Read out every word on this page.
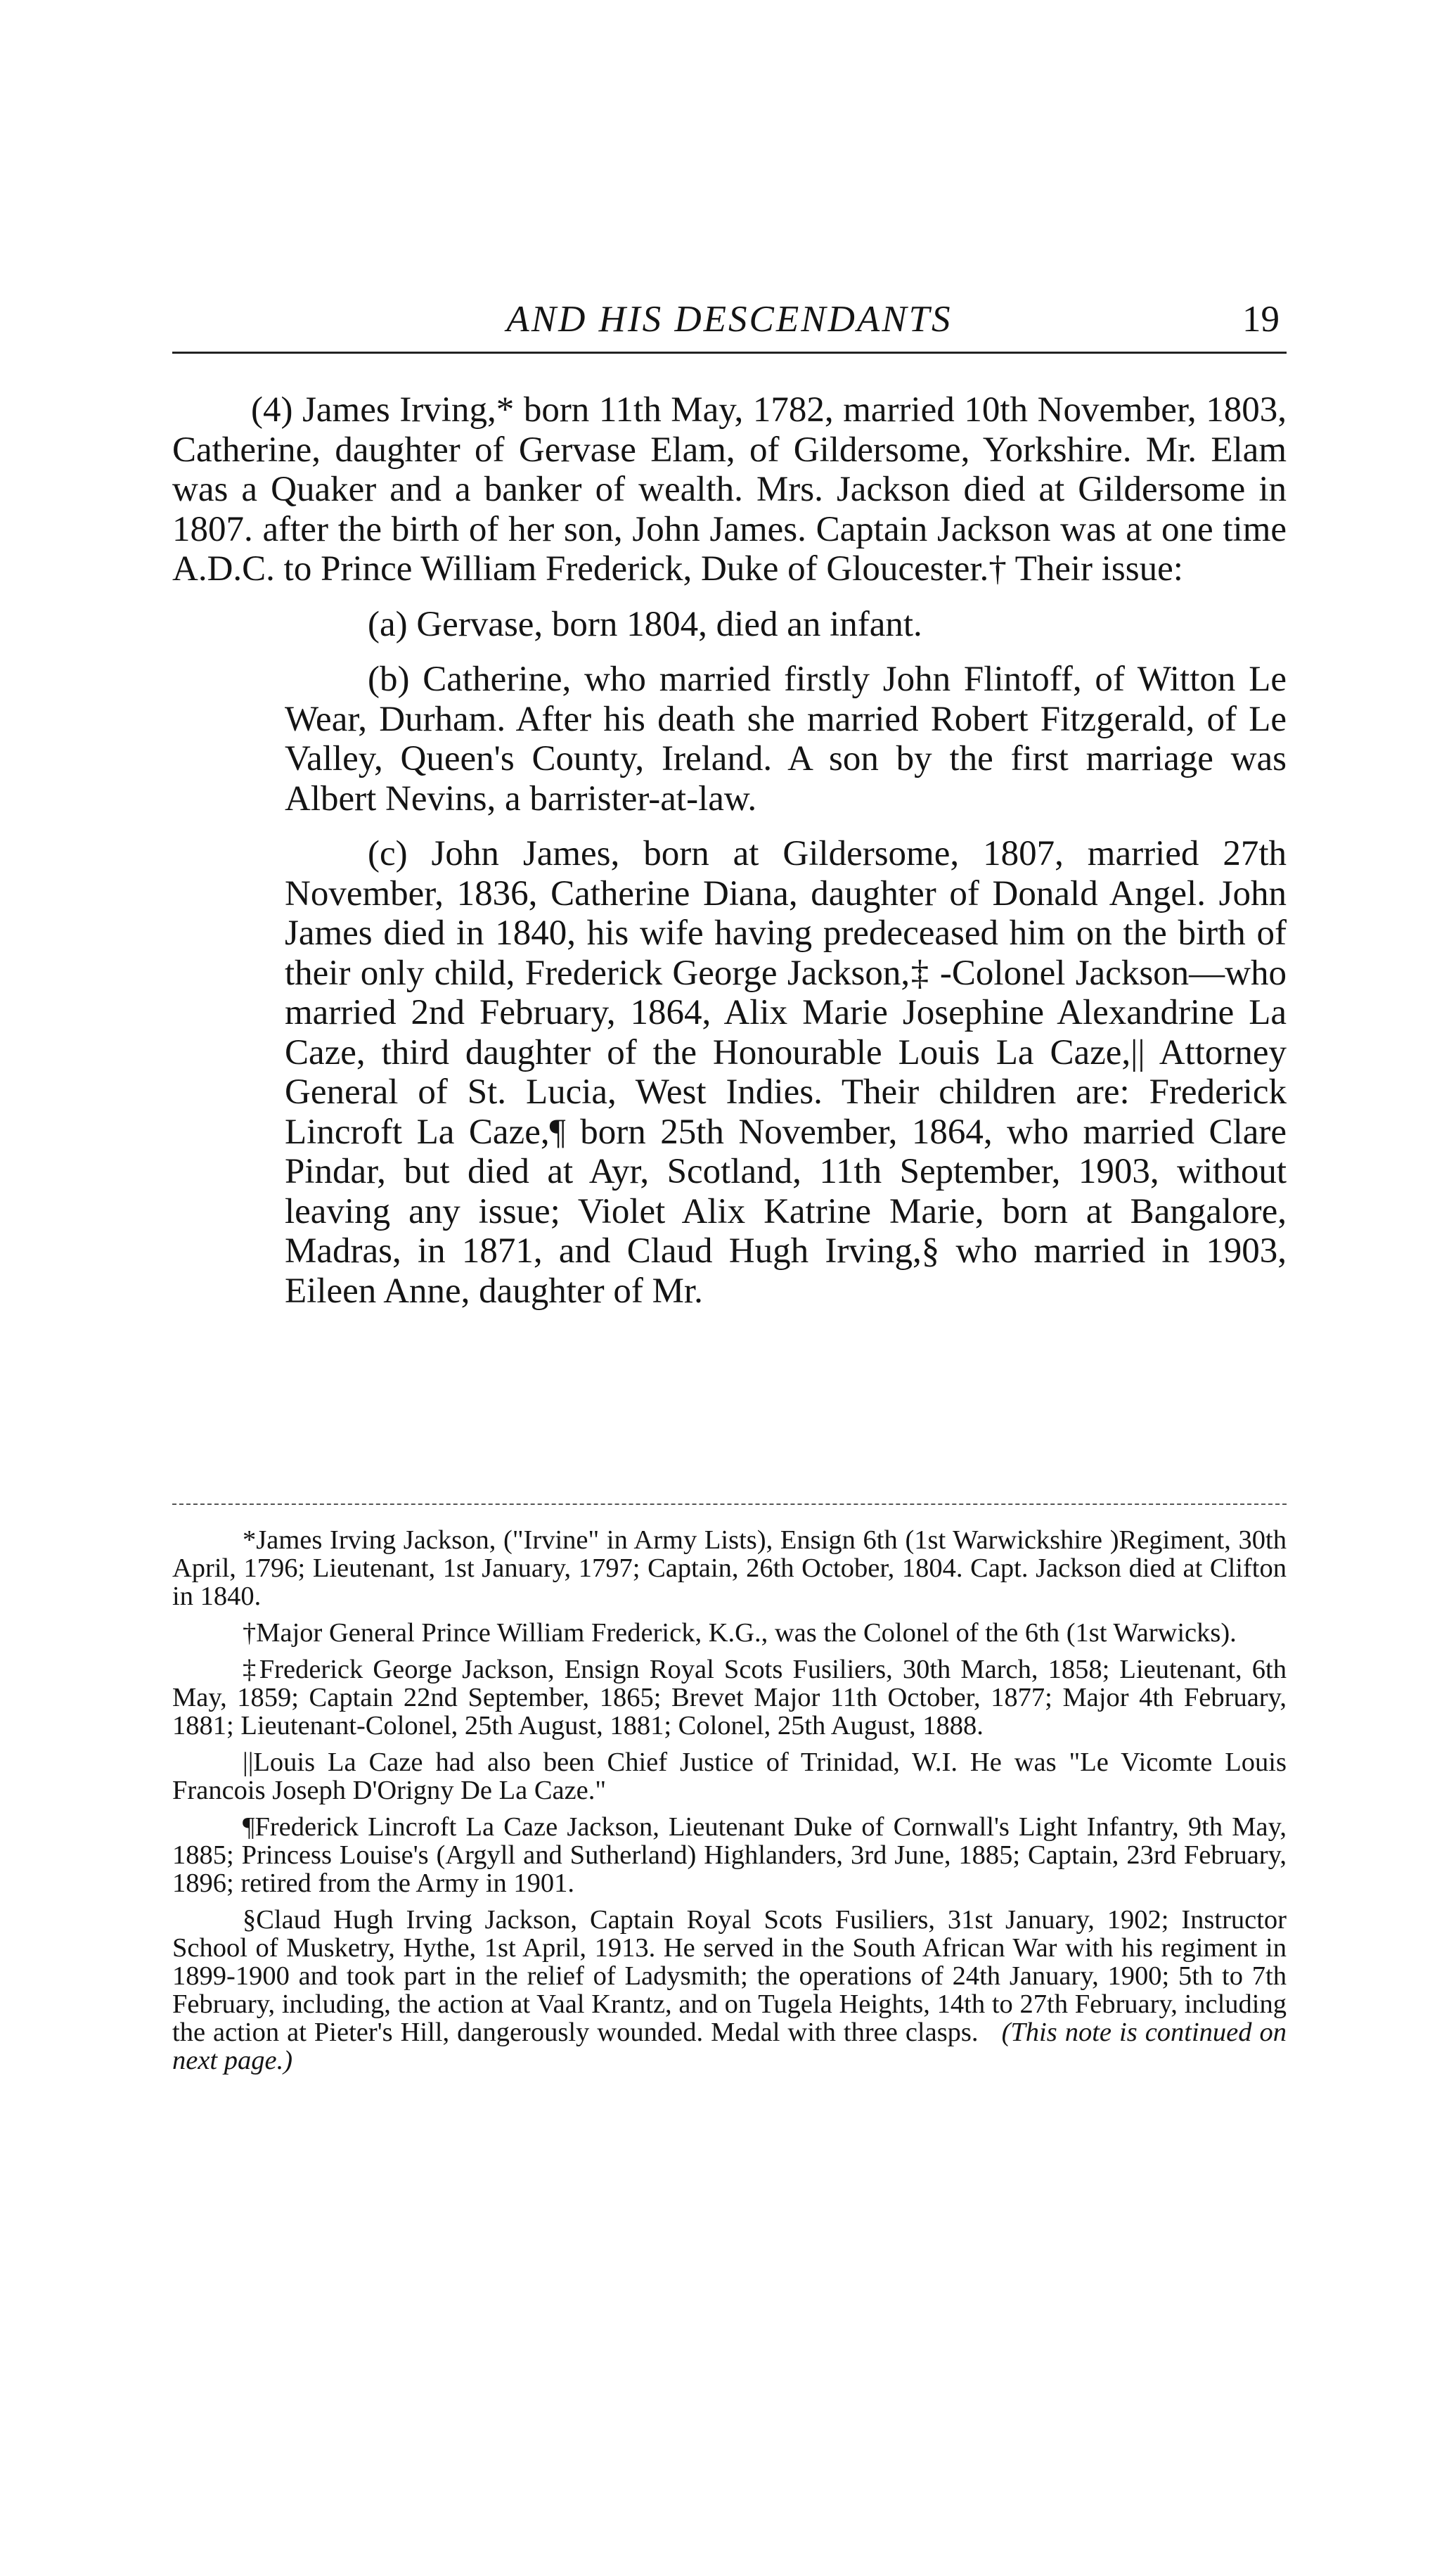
AND HIS DESCENDANTS	19

(4) James Irving,* born 11th May, 1782, married 10th November, 1803, Catherine, daughter of Gervase Elam, of Gildersome, Yorkshire. Mr. Elam was a Quaker and a banker of wealth. Mrs. Jackson died at Gildersome in 1807. after the birth of her son, John James. Captain Jackson was at one time A.D.C. to Prince William Frederick, Duke of Gloucester.† Their issue:

(a) Gervase, born 1804, died an infant.

(b) Catherine, who married firstly John Flintoff, of Witton Le Wear, Durham. After his death she married Robert Fitzgerald, of Le Valley, Queen's County, Ireland. A son by the first marriage was Albert Nevins, a barrister-at-law.

(c) John James, born at Gildersome, 1807, married 27th November, 1836, Catherine Diana, daughter of Donald Angel. John James died in 1840, his wife having predeceased him on the birth of their only child, Frederick George Jackson,‡ -Colonel Jackson—who married 2nd February, 1864, Alix Marie Josephine Alexandrine La Caze, third daughter of the Honourable Louis La Caze,|| Attorney General of St. Lucia, West Indies. Their children are: Frederick Lincroft La Caze,¶ born 25th November, 1864, who married Clare Pindar, but died at Ayr, Scotland, 11th September, 1903, without leaving any issue; Violet Alix Katrine Marie, born at Bangalore, Madras, in 1871, and Claud Hugh Irving,§ who married in 1903, Eileen Anne, daughter of Mr.

*James Irving Jackson, ("Irvine" in Army Lists), Ensign 6th (1st Warwickshire )Regiment, 30th April, 1796; Lieutenant, 1st January, 1797; Captain, 26th October, 1804. Capt. Jackson died at Clifton in 1840.

†Major General Prince William Frederick, K.G., was the Colonel of the 6th (1st Warwicks).

‡Frederick George Jackson, Ensign Royal Scots Fusiliers, 30th March, 1858; Lieutenant, 6th May, 1859; Captain 22nd September, 1865; Brevet Major 11th October, 1877; Major 4th February, 1881; Lieutenant-Colonel, 25th August, 1881; Colonel, 25th August, 1888.

||Louis La Caze had also been Chief Justice of Trinidad, W.I. He was "Le Vicomte Louis Francois Joseph D'Origny De La Caze."

¶Frederick Lincroft La Caze Jackson, Lieutenant Duke of Cornwall's Light Infantry, 9th May, 1885; Princess Louise's (Argyll and Sutherland) Highlanders, 3rd June, 1885; Captain, 23rd February, 1896; retired from the Army in 1901.

§Claud Hugh Irving Jackson, Captain Royal Scots Fusiliers, 31st January, 1902; Instructor School of Musketry, Hythe, 1st April, 1913. He served in the South African War with his regiment in 1899-1900 and took part in the relief of Ladysmith; the operations of 24th January, 1900; 5th to 7th February, including, the action at Vaal Krantz, and on Tugela Heights, 14th to 27th February, including the action at Pieter's Hill, dangerously wounded. Medal with three clasps. (This note is continued on next page.)
